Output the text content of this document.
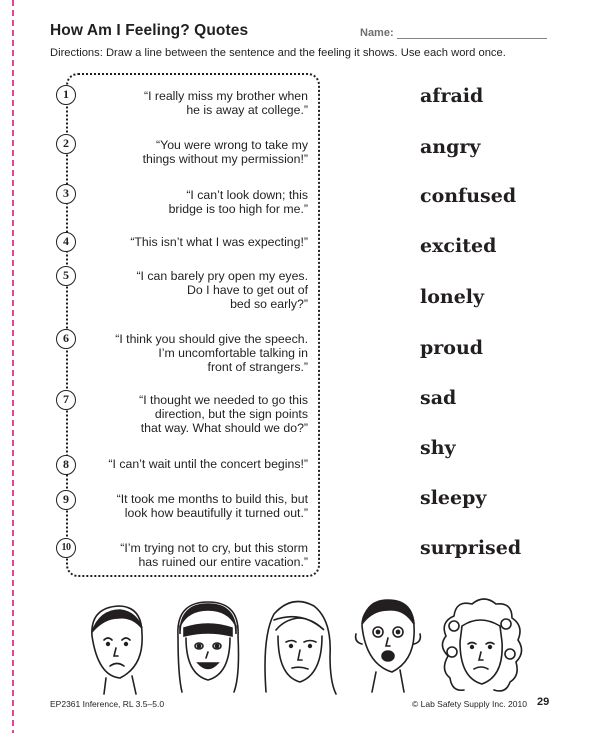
How Am I Feeling? Quotes	Name:
Directions: Draw a line between the sentence and the feeling it shows. Use each word once.
1
2
3
4
5
6
7
8
9
10
“I really miss my brother when
he is away at college.”
“You were wrong to take my
things without my permission!”
“I can’t look down; this
bridge is too high for me.”
“This isn’t what I was expecting!”
“I can barely pry open my eyes.
Do I have to get out of
bed so early?”
“I think you should give the speech.
I’m uncomfortable talking in
front of strangers.”
“I thought we needed to go this
direction, but the sign points
that way. What should we do?”
“I can’t wait until the concert begins!”
“It took me months to build this, but
look how beautifully it turned out.”
“I’m trying not to cry, but this storm
has ruined our entire vacation.”
afraid
angry
confused
excited
lonely
proud
sad
shy
sleepy
surprised
EP2361 Inference, RL 3.5–5.0	© Lab Safety Supply Inc. 2010 29
